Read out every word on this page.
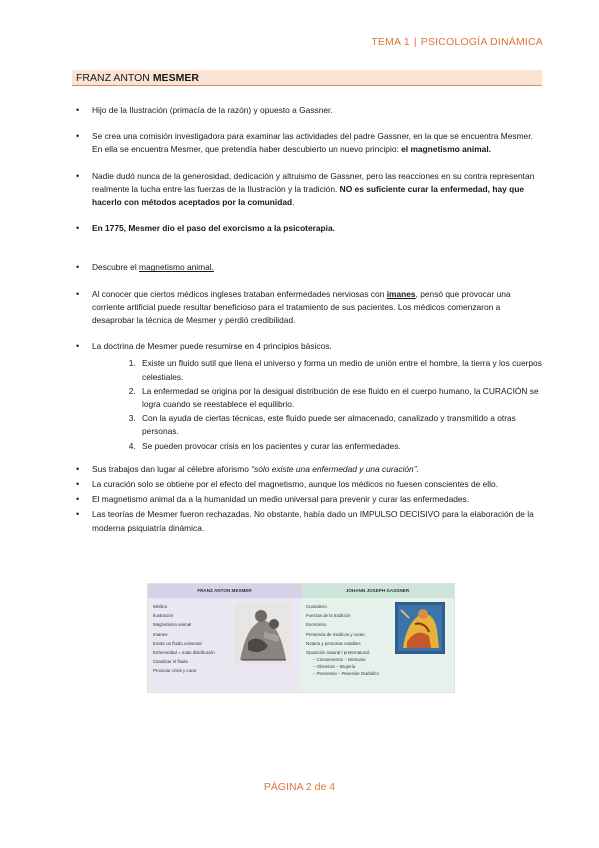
TEMA 1 | PSICOLOGÍA DINÁMICA
FRANZ ANTON MESMER
• Hijo de la Ilustración (primacía de la razón) y opuesto a Gassner.
• Se crea una comisión investigadora para examinar las actividades del padre Gassner, en la que se encuentra Mesmer. En ella se encuentra Mesmer, que pretendía haber descubierto un nuevo principio: el magnetismo animal.
• Nadie dudó nunca de la generosidad, dedicación y altruismo de Gassner, pero las reacciones en su contra representan realmente la lucha entre las fuerzas de la Ilustración y la tradición. NO es suficiente curar la enfermedad, hay que hacerlo con métodos aceptados por la comunidad.
• En 1775, Mesmer dio el paso del exorcismo a la psicoterapia.
• Descubre el magnetismo animal.
• Al conocer que ciertos médicos ingleses trataban enfermedades nerviosas con imanes, pensó que provocar una corriente artificial puede resultar beneficioso para el tratamiento de sus pacientes. Los médicos comenzaron a desaprobar la técnica de Mesmer y perdió credibilidad.
• La doctrina de Mesmer puede resumirse en 4 principios básicos.
1. Existe un fluido sutil que llena el universo y forma un medio de unión entre el hombre, la tierra y los cuerpos celestiales.
2. La enfermedad se origina por la desigual distribución de ese fluido en el cuerpo humano, la CURACIÓN se logra cuando se reestablece el equilibrio.
3. Con la ayuda de ciertas técnicas, este fluido puede ser almacenado, canalizado y transmitido a otras personas.
4. Se pueden provocar crisis en los pacientes y curar las enfermedades.
• Sus trabajos dan lugar al célebre aforismo “sólo existe una enfermedad y una curación”.
• La curación solo se obtiene por el efecto del magnetismo, aunque los médicos no fuesen conscientes de ello.
• El magnetismo animal da a la humanidad un medio universal para prevenir y curar las enfermedades.
• Las teorías de Mesmer fueron rechazadas. No obstante, había dado un IMPULSO DECISIVO para la elaboración de la moderna psiquiatría dinámica.
FRANZ ANTON MESMER
Médico
Ilustración
Magnetismo animal
Imanes
Existe un fluido universal
Enfermedad = mala distribución
Canalizar el fluido
Provocar crisis y curar
JOHANN JOSEPH GASSNER
Curandero
Fuerzas de la tradición
Exorcismo
Presencia de médicos y curas
Notario y personas notables
Oposición natural / preternatural:
– Circumsessio – Demonio
– Obsessio – Brujería
– Possessio – Posesión Diabólica
PÁGINA 2 de 4
